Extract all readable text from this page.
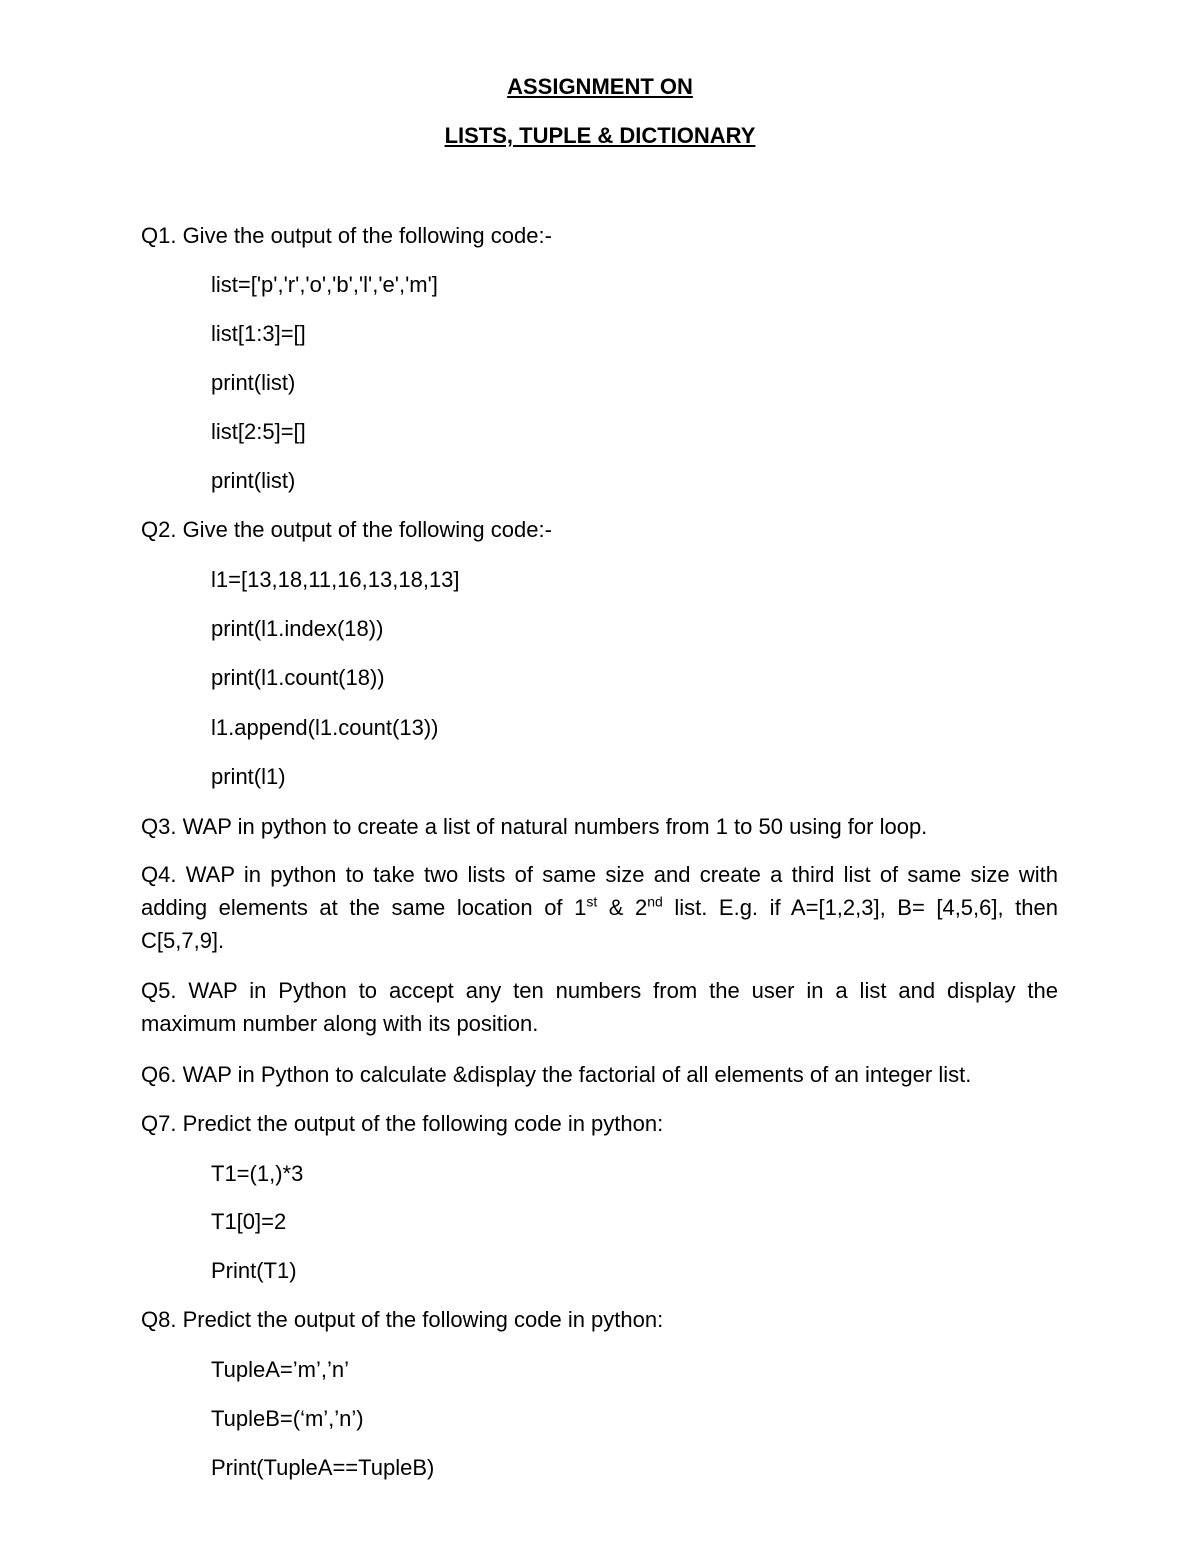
ASSIGNMENT ON
LISTS, TUPLE & DICTIONARY
Q1. Give the output of the following code:-
list=['p','r','o','b','l','e','m']
list[1:3]=[]
print(list)
list[2:5]=[]
print(list)
Q2. Give the output of the following code:-
l1=[13,18,11,16,13,18,13]
print(l1.index(18))
print(l1.count(18))
l1.append(l1.count(13))
print(l1)
Q3. WAP in python to create a list of natural numbers from 1 to 50 using for loop.
Q4. WAP in python to take two lists of same size and create a third list of same size with adding elements at the same location of 1st & 2nd list. E.g. if A=[1,2,3], B= [4,5,6], then C[5,7,9].
Q5. WAP in Python to accept any ten numbers from the user in a list and display the maximum number along with its position.
Q6. WAP in Python to calculate &display the factorial of all elements of an integer list.
Q7. Predict the output of the following code in python:
T1=(1,)*3
T1[0]=2
Print(T1)
Q8. Predict the output of the following code in python:
TupleA=’m’,’n’
TupleB=(‘m’,’n’)
Print(TupleA==TupleB)
